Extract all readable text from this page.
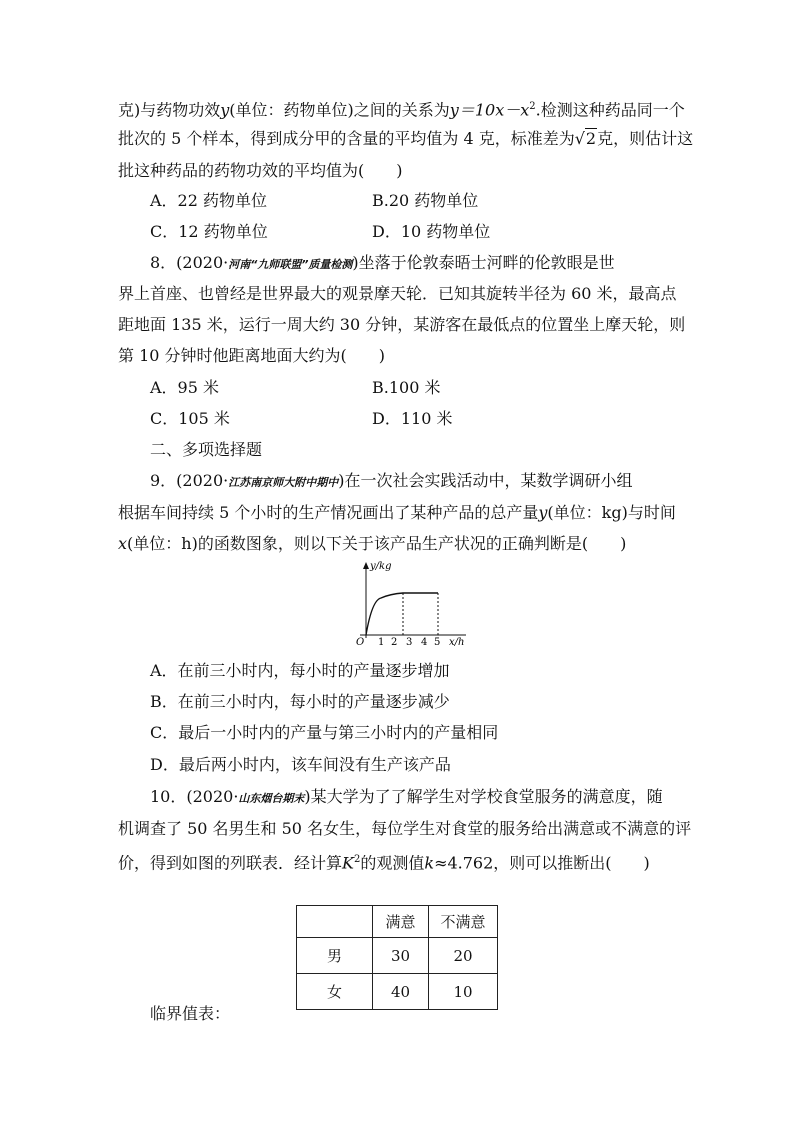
克)与药物功效y(单位：药物单位)之间的关系为$y=10x-x^2$.检测这种药品同一个
批次的 5 个样本，得到成分甲的含量的平均值为 4 克，标准差为√2克，则估计这
批这种药品的药物功效的平均值为(　　)
A．22 药物单位	B.20 药物单位
C．12 药物单位	D．10 药物单位
8．(2020·河南“九师联盟”质量检测)坐落于伦敦泰晤士河畔的伦敦眼是世
界上首座、也曾经是世界最大的观景摩天轮．已知其旋转半径为 60 米，最高点
距地面 135 米，运行一周大约 30 分钟，某游客在最低点的位置坐上摩天轮，则
第 10 分钟时他距离地面大约为(　　)
A．95 米	B.100 米
C．105 米	D．110 米
二、多项选择题
9．(2020·江苏南京师大附中期中)在一次社会实践活动中，某数学调研小组
根据车间持续 5 个小时的生产情况画出了某种产品的总产量y(单位：kg)与时间
x(单位：h)的函数图象，则以下关于该产品生产状况的正确判断是(　　)
y/kg
O 1 2 3 4 5 x/h
A．在前三小时内，每小时的产量逐步增加
B．在前三小时内，每小时的产量逐步减少
C．最后一小时内的产量与第三小时内的产量相同
D．最后两小时内，该车间没有生产该产品
10．(2020·山东烟台期末)某大学为了了解学生对学校食堂服务的满意度，随
机调查了 50 名男生和 50 名女生，每位学生对食堂的服务给出满意或不满意的评
价，得到如图的列联表．经计算$K^2$的观测值k≈4.762，则可以推断出(　　)
	满意	不满意
男	30	20
女	40	10
临界值表：
